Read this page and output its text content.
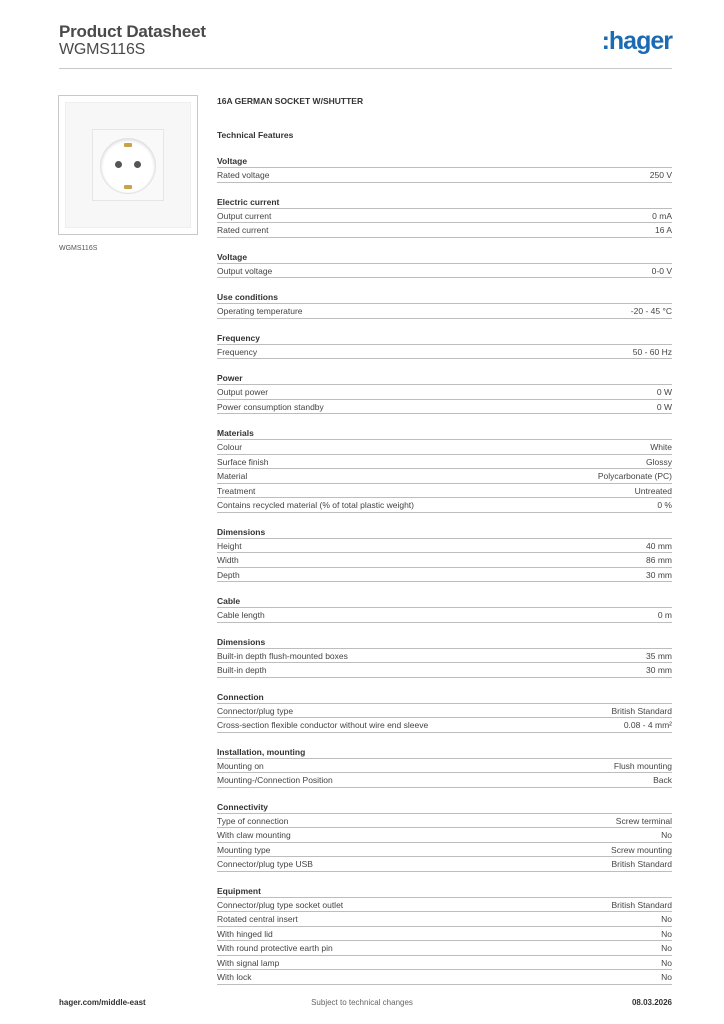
Product Datasheet
WGMS116S	:hager
WGMS116S
16A GERMAN SOCKET W/SHUTTER
Technical Features
Voltage
Rated voltage	250 V
Electric current
Output current	0 mA
Rated current	16 A
Voltage
Output voltage	0-0 V
Use conditions
Operating temperature	-20 - 45 °C
Frequency
Frequency	50 - 60 Hz
Power
Output power	0 W
Power consumption standby	0 W
Materials
Colour	White
Surface finish	Glossy
Material	Polycarbonate (PC)
Treatment	Untreated
Contains recycled material (% of total plastic weight)	0 %
Dimensions
Height	40 mm
Width	86 mm
Depth	30 mm
Cable
Cable length	0 m
Dimensions
Built-in depth flush-mounted boxes	35 mm
Built-in depth	30 mm
Connection
Connector/plug type	British Standard
Cross-section flexible conductor without wire end sleeve	0.08 - 4 mm²
Installation, mounting
Mounting on	Flush mounting
Mounting-/Connection Position	Back
Connectivity
Type of connection	Screw terminal
With claw mounting	No
Mounting type	Screw mounting
Connector/plug type USB	British Standard
Equipment
Connector/plug type socket outlet	British Standard
Rotated central insert	No
With hinged lid	No
With round protective earth pin	No
With signal lamp	No
With lock	No
hager.com/middle-east	Subject to technical changes	08.03.2026
